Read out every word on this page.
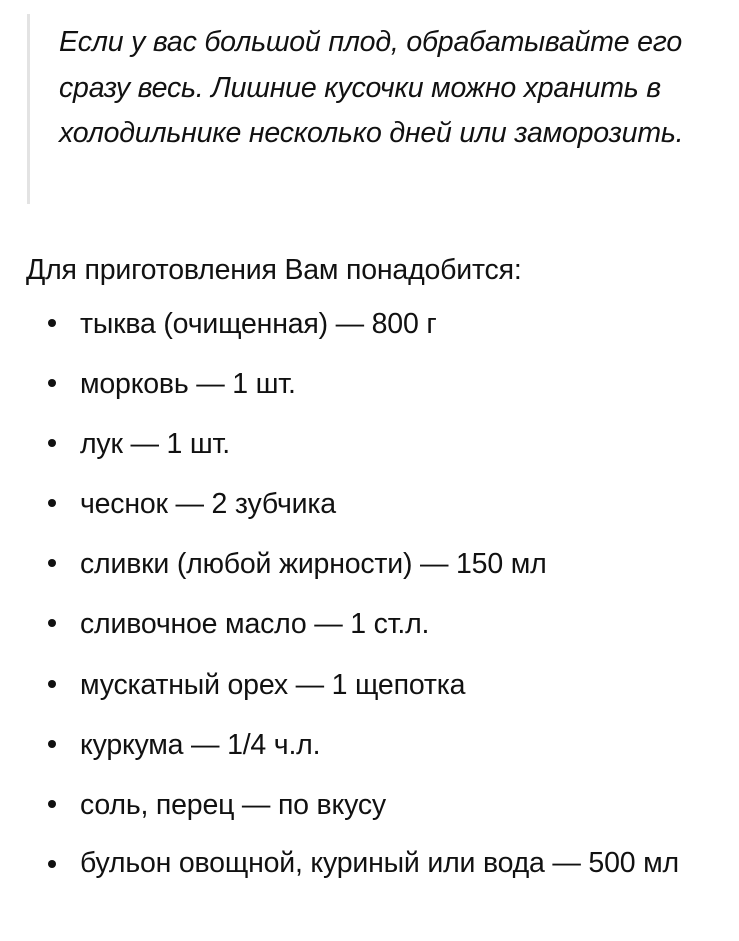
Если у вас большой плод, обрабатывайте его сразу весь. Лишние кусочки можно хранить в холодильнике несколько дней или заморозить.

Для приготовления Вам понадобится:

тыква (очищенная) — 800 г
морковь — 1 шт.
лук — 1 шт.
чеснок — 2 зубчика
сливки (любой жирности) — 150 мл
сливочное масло — 1 ст.л.
мускатный орех — 1 щепотка
куркума — 1/4 ч.л.
соль, перец — по вкусу
бульон овощной, куриный или вода — 500 мл
